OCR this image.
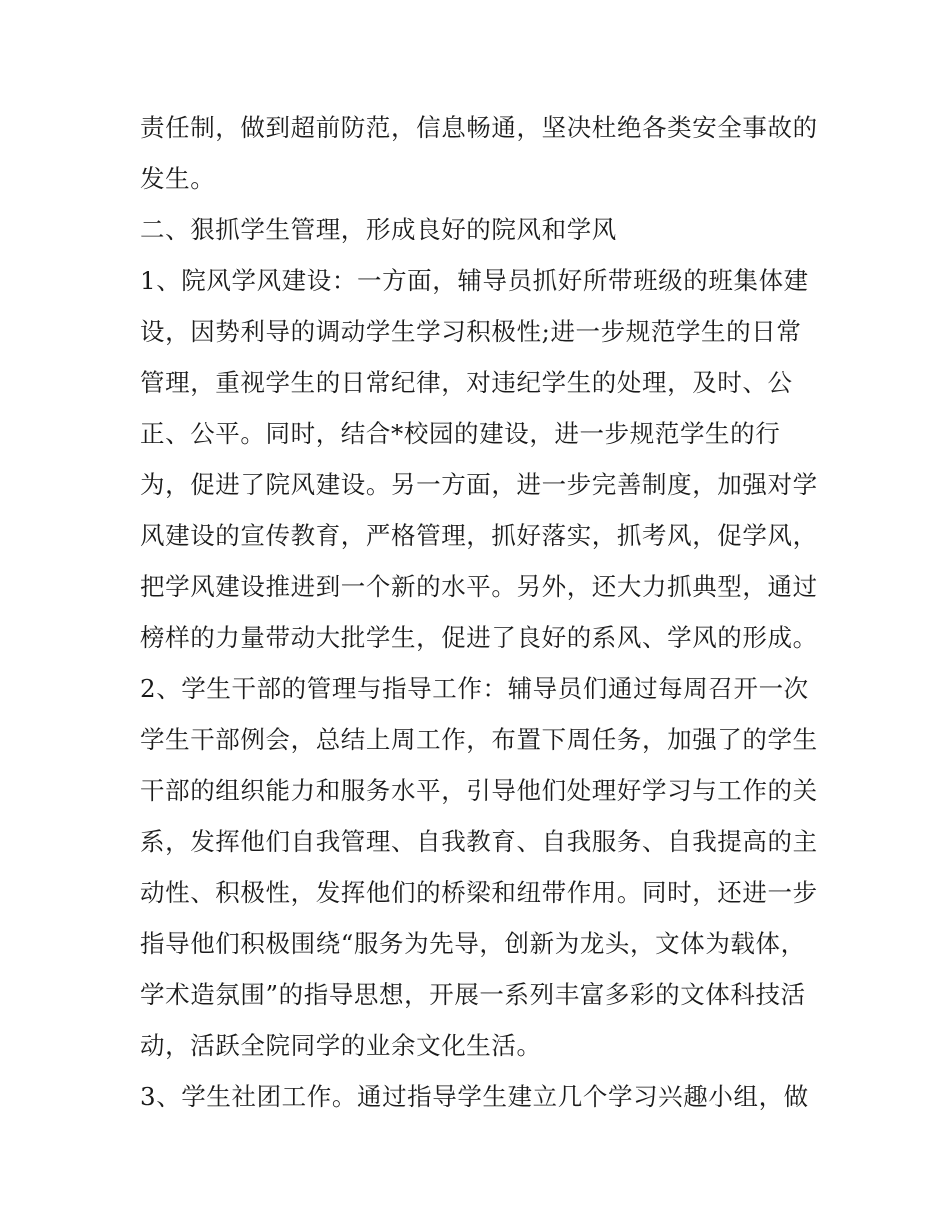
责任制，做到超前防范，信息畅通，坚决杜绝各类安全事故的
发生。
二、狠抓学生管理，形成良好的院风和学风
1、院风学风建设：一方面，辅导员抓好所带班级的班集体建
设，因势利导的调动学生学习积极性;进一步规范学生的日常
管理，重视学生的日常纪律，对违纪学生的处理，及时、公
正、公平。同时，结合*校园的建设，进一步规范学生的行
为，促进了院风建设。另一方面，进一步完善制度，加强对学
风建设的宣传教育，严格管理，抓好落实，抓考风，促学风，
把学风建设推进到一个新的水平。另外，还大力抓典型，通过
榜样的力量带动大批学生，促进了良好的系风、学风的形成。
2、学生干部的管理与指导工作：辅导员们通过每周召开一次
学生干部例会，总结上周工作，布置下周任务，加强了的学生
干部的组织能力和服务水平，引导他们处理好学习与工作的关
系，发挥他们自我管理、自我教育、自我服务、自我提高的主
动性、积极性，发挥他们的桥梁和纽带作用。同时，还进一步
指导他们积极围绕“服务为先导，创新为龙头，文体为载体，
学术造氛围”的指导思想，开展一系列丰富多彩的文体科技活
动，活跃全院同学的业余文化生活。
3、学生社团工作。通过指导学生建立几个学习兴趣小组，做
